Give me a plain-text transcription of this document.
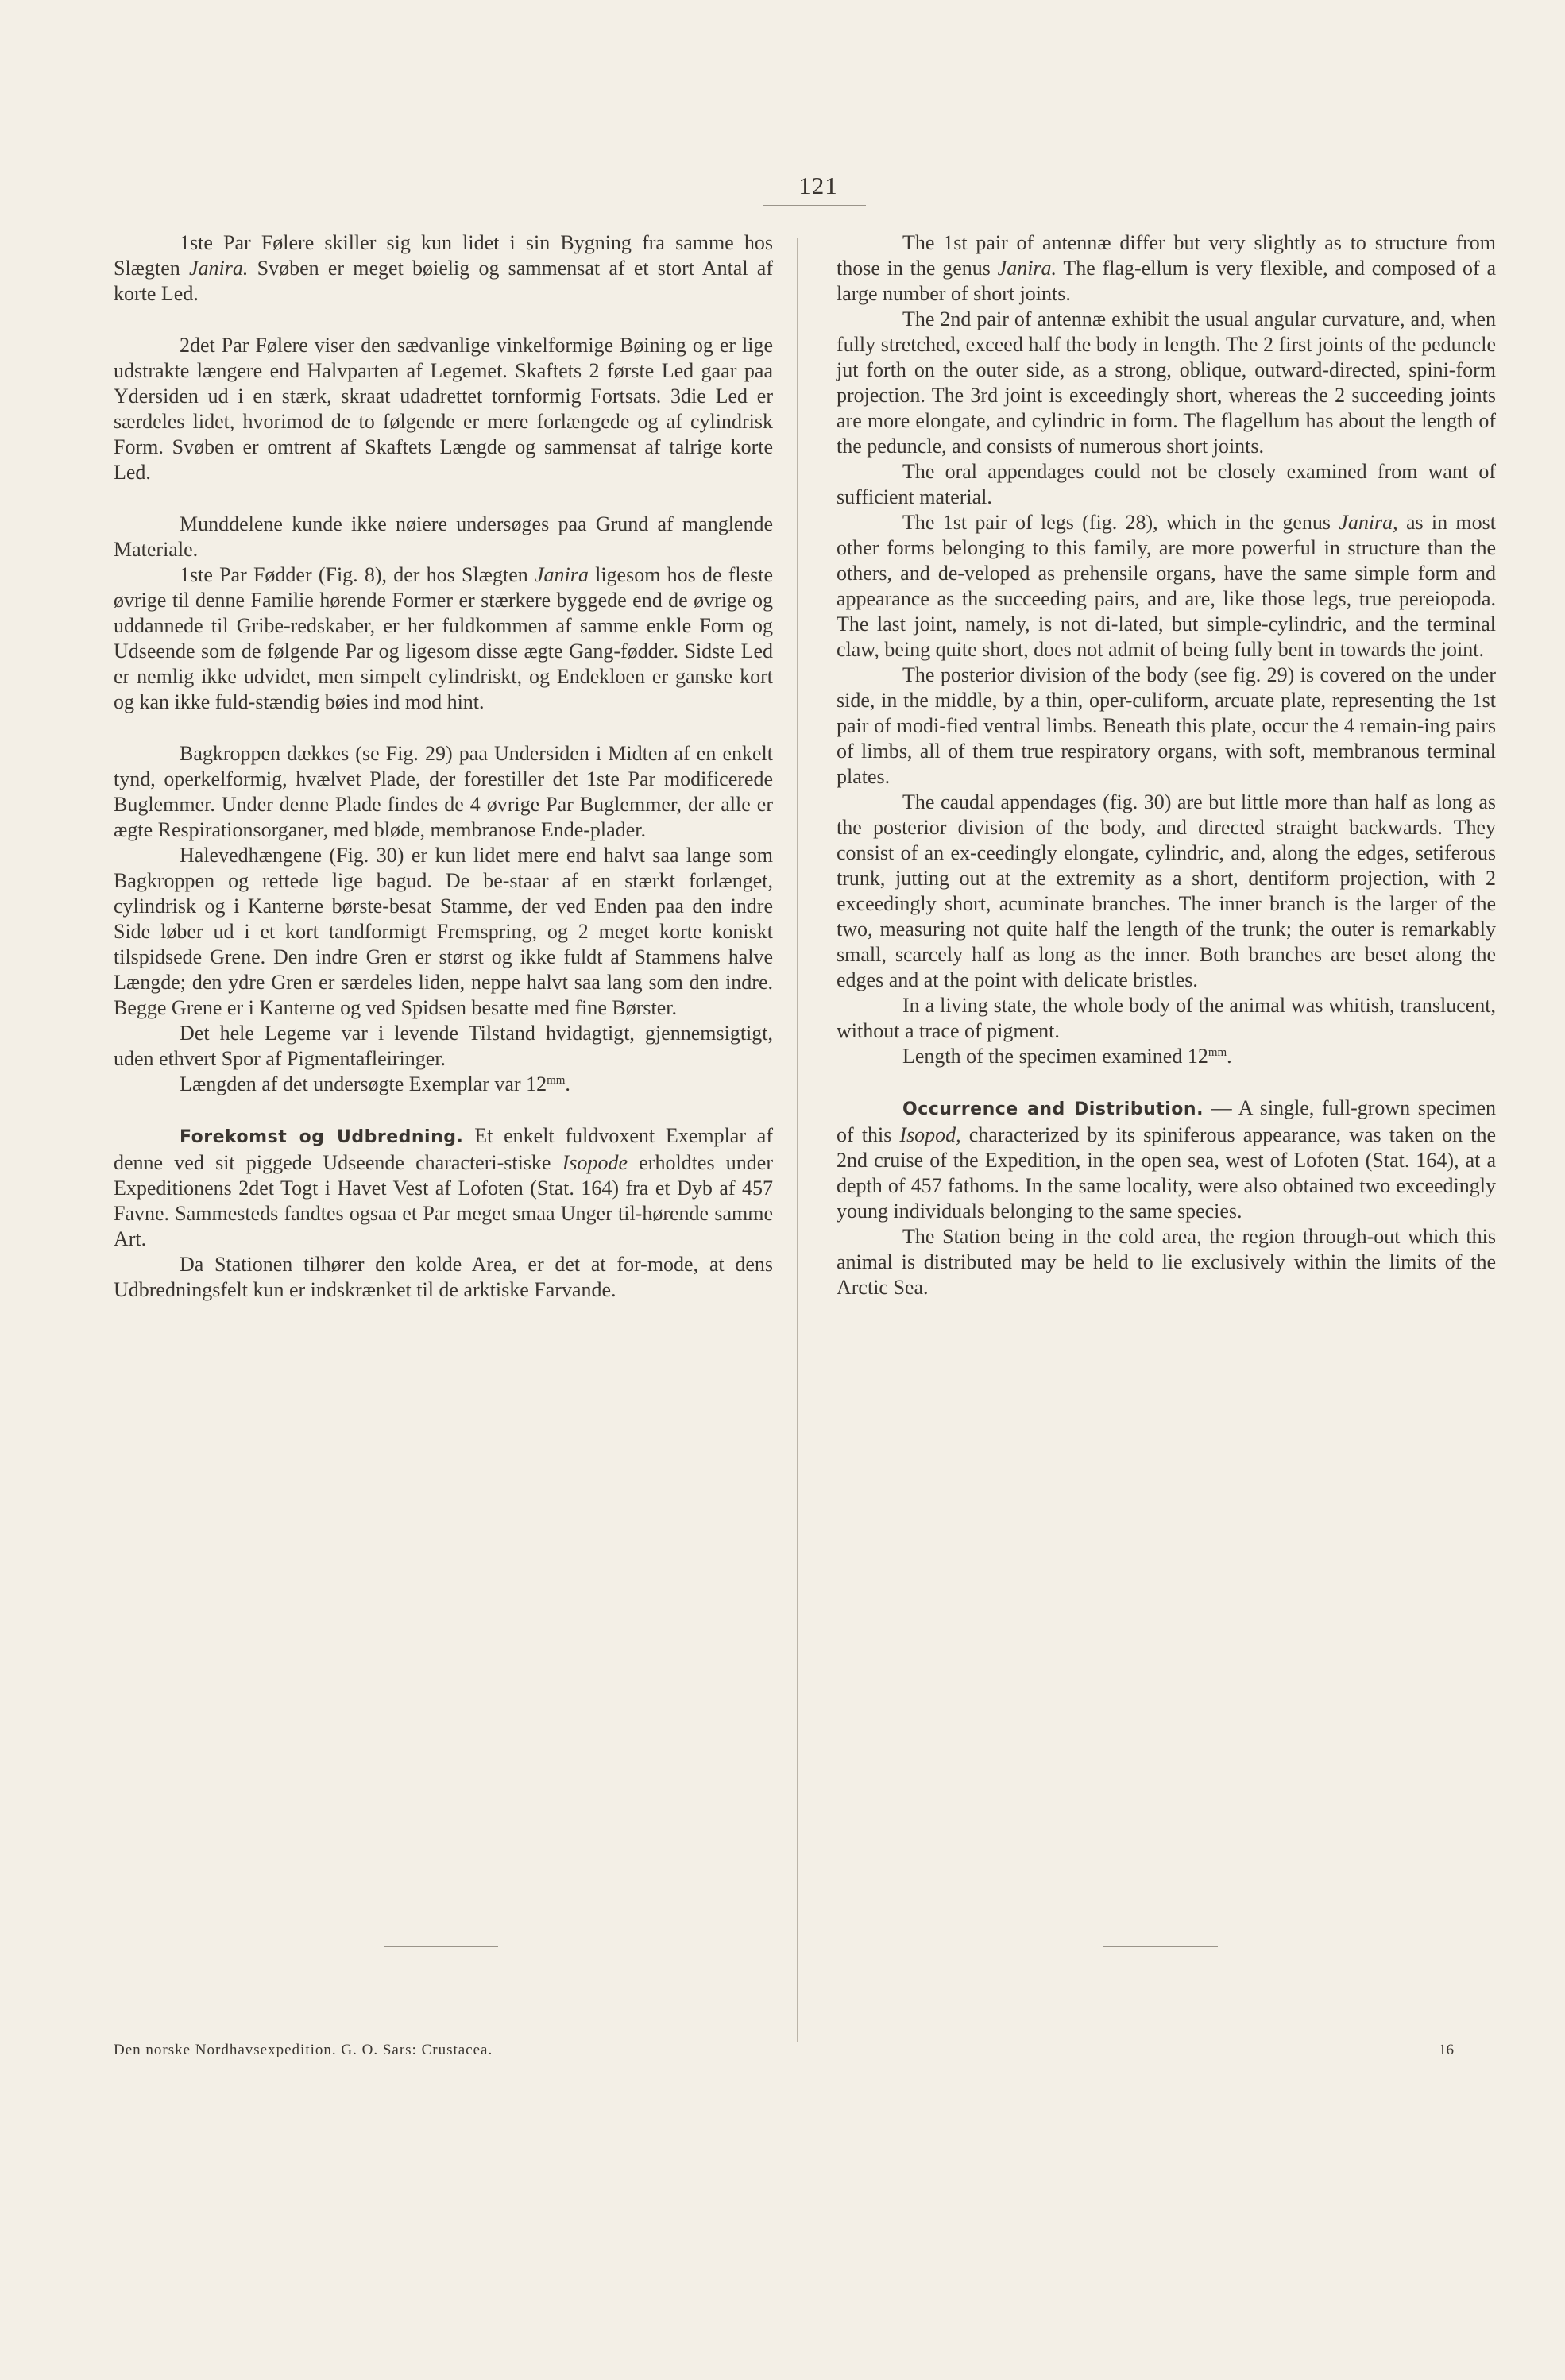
121

1ste Par Følere skiller sig kun lidet i sin Bygning fra samme hos Slægten Janira. Svøben er meget bøielig og sammensat af et stort Antal af korte Led.

2det Par Følere viser den sædvanlige vinkelformige Bøining og er lige udstrakte længere end Halvparten af Legemet. Skaftets 2 første Led gaar paa Ydersiden ud i en stærk, skraat udadrettet tornformig Fortsats. 3die Led er særdeles lidet, hvorimod de to følgende er mere forlængede og af cylindrisk Form. Svøben er omtrent af Skaftets Længde og sammensat af talrige korte Led.

Munddelene kunde ikke nøiere undersøges paa Grund af manglende Materiale.

1ste Par Fødder (Fig. 8), der hos Slægten Janira ligesom hos de fleste øvrige til denne Familie hørende Former er stærkere byggede end de øvrige og uddannede til Gribe-redskaber, er her fuldkommen af samme enkle Form og Udseende som de følgende Par og ligesom disse ægte Gang-fødder. Sidste Led er nemlig ikke udvidet, men simpelt cylindriskt, og Endekloen er ganske kort og kan ikke fuld-stændig bøies ind mod hint.

Bagkroppen dækkes (se Fig. 29) paa Undersiden i Midten af en enkelt tynd, operkelformig, hvælvet Plade, der forestiller det 1ste Par modificerede Buglemmer. Under denne Plade findes de 4 øvrige Par Buglemmer, der alle er ægte Respirationsorganer, med bløde, membranose Ende-plader.

Halevedhængene (Fig. 30) er kun lidet mere end halvt saa lange som Bagkroppen og rettede lige bagud. De be-staar af en stærkt forlænget, cylindrisk og i Kanterne børste-besat Stamme, der ved Enden paa den indre Side løber ud i et kort tandformigt Fremspring, og 2 meget korte koniskt tilspidsede Grene. Den indre Gren er størst og ikke fuldt af Stammens halve Længde; den ydre Gren er særdeles liden, neppe halvt saa lang som den indre. Begge Grene er i Kanterne og ved Spidsen besatte med fine Børster.

Det hele Legeme var i levende Tilstand hvidagtigt, gjennemsigtigt, uden ethvert Spor af Pigmentafleiringer.

Længden af det undersøgte Exemplar var $12^{mm}$.

Forekomst og Udbredning. Et enkelt fuldvoxent Exemplar af denne ved sit piggede Udseende characteri-stiske Isopode erholdtes under Expeditionens 2det Togt i Havet Vest af Lofoten (Stat. 164) fra et Dyb af 457 Favne. Sammesteds fandtes ogsaa et Par meget smaa Unger til-hørende samme Art.

Da Stationen tilhører den kolde Area, er det at for-mode, at dens Udbredningsfelt kun er indskrænket til de arktiske Farvande.

The 1st pair of antennæ differ but very slightly as to structure from those in the genus Janira. The flag-ellum is very flexible, and composed of a large number of short joints.

The 2nd pair of antennæ exhibit the usual angular curvature, and, when fully stretched, exceed half the body in length. The 2 first joints of the peduncle jut forth on the outer side, as a strong, oblique, outward-directed, spini-form projection. The 3rd joint is exceedingly short, whereas the 2 succeeding joints are more elongate, and cylindric in form. The flagellum has about the length of the peduncle, and consists of numerous short joints.

The oral appendages could not be closely examined from want of sufficient material.

The 1st pair of legs (fig. 28), which in the genus Janira, as in most other forms belonging to this family, are more powerful in structure than the others, and de-veloped as prehensile organs, have the same simple form and appearance as the succeeding pairs, and are, like those legs, true pereiopoda. The last joint, namely, is not di-lated, but simple-cylindric, and the terminal claw, being quite short, does not admit of being fully bent in towards the joint.

The posterior division of the body (see fig. 29) is covered on the under side, in the middle, by a thin, oper-culiform, arcuate plate, representing the 1st pair of modi-fied ventral limbs. Beneath this plate, occur the 4 remain-ing pairs of limbs, all of them true respiratory organs, with soft, membranous terminal plates.

The caudal appendages (fig. 30) are but little more than half as long as the posterior division of the body, and directed straight backwards. They consist of an ex-ceedingly elongate, cylindric, and, along the edges, setiferous trunk, jutting out at the extremity as a short, dentiform projection, with 2 exceedingly short, acuminate branches. The inner branch is the larger of the two, measuring not quite half the length of the trunk; the outer is remarkably small, scarcely half as long as the inner. Both branches are beset along the edges and at the point with delicate bristles.

In a living state, the whole body of the animal was whitish, translucent, without a trace of pigment.

Length of the specimen examined $12^{mm}$.

Occurrence and Distribution. — A single, full-grown specimen of this Isopod, characterized by its spiniferous appearance, was taken on the 2nd cruise of the Expedition, in the open sea, west of Lofoten (Stat. 164), at a depth of 457 fathoms. In the same locality, were also obtained two exceedingly young individuals belonging to the same species.

The Station being in the cold area, the region through-out which this animal is distributed may be held to lie exclusively within the limits of the Arctic Sea.

Den norske Nordhavsexpedition. G. O. Sars: Crustacea.	16
